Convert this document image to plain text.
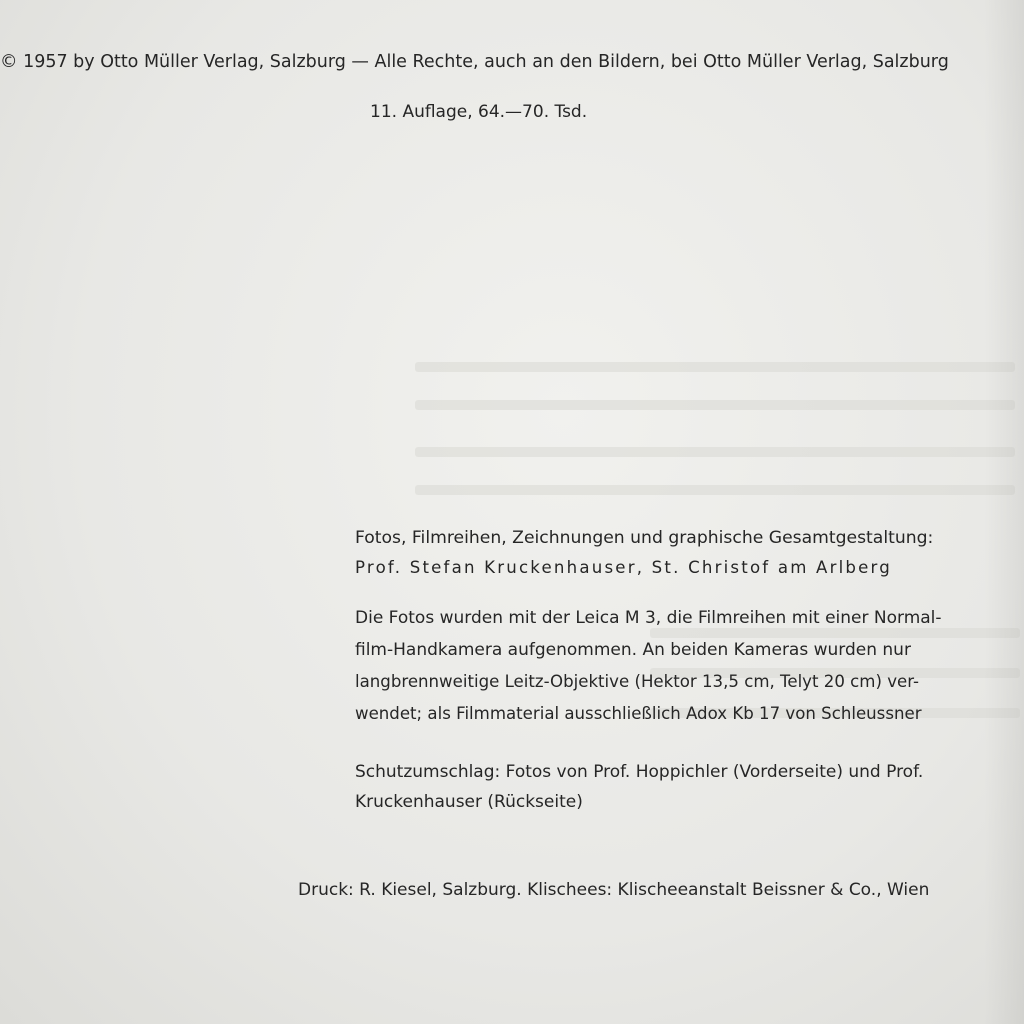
© 1957 by Otto Müller Verlag, Salzburg — Alle Rechte, auch an den Bildern, bei Otto Müller Verlag, Salzburg
11. Auflage, 64.—70. Tsd.
Fotos, Filmreihen, Zeichnungen und graphische Gesamtgestaltung:
Prof. Stefan Kruckenhauser, St. Christof am Arlberg
Die Fotos wurden mit der Leica M 3, die Filmreihen mit einer Normal-
film-Handkamera aufgenommen. An beiden Kameras wurden nur
langbrennweitige Leitz-Objektive (Hektor 13,5 cm, Telyt 20 cm) ver-
wendet; als Filmmaterial ausschließlich Adox Kb 17 von Schleussner
Schutzumschlag: Fotos von Prof. Hoppichler (Vorderseite) und Prof.
Kruckenhauser (Rückseite)
Druck: R. Kiesel, Salzburg. Klischees: Klischeeanstalt Beissner & Co., Wien
